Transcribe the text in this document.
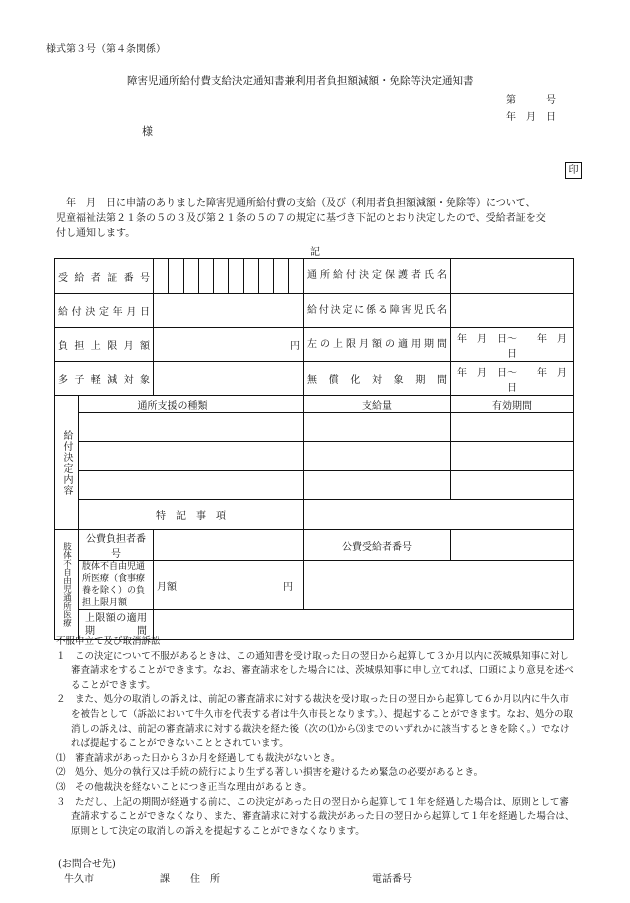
様式第３号（第４条関係）
障害児通所給付費支給決定通知書兼利用者負担額減額・免除等決定通知書
第　　　号
年　月　日
様
印
　年　月　日に申請のありました障害児通所給付費の支給（及び（利用者負担額減額・免除等）について、
児童福祉法第２１条の５の３及び第２１条の５の７の規定に基づき下記のとおり決定したので、受給者証を交
付し通知します。
記
受給者証番号			通所給付決定保護者氏名	
給付決定年月日			給付決定に係る障害児氏名	
負担上限月額		円	左の上限月額の適用期間	年　月　日～　　年　月　日
多子軽減対象			無償化対象期間	年　月　日～　　年　月　日
給付決定内容	通所支援の種類		支給量	有効期間

	特　記　事　項			
肢体不自由児通所医療	公費負担者番号		公費受給者番号	
	肢体不自由児通所医療（食事療養を除く）の負担上限月額	月額 円		

	上限額の適用期間			

不服申立て及び取消訴訟

１　この決定について不服があるときは、この通知書を受け取った日の翌日から起算して３か月以内に茨城県知事に対し審査請求をすることができます。なお、審査請求をした場合には、茨城県知事に申し立てれば、口頭により意見を述べることができます。

２　また、処分の取消しの訴えは、前記の審査請求に対する裁決を受け取った日の翌日から起算して６か月以内に牛久市を被告として（訴訟において牛久市を代表する者は牛久市長となります。）、提起することができます。なお、処分の取消しの訴えは、前記の審査請求に対する裁決を経た後（次の⑴から⑶までのいずれかに該当するときを除く。）でなければ提起することができないこととされています。

⑴　審査請求があった日から３か月を経過しても裁決がないとき。

⑵　処分、処分の執行又は手続の続行により生ずる著しい損害を避けるため緊急の必要があるとき。

⑶　その他裁決を経ないことにつき正当な理由があるとき。

３　ただし、上記の期間が経過する前に、この決定があった日の翌日から起算して１年を経過した場合は、原則として審査請求することができなくなり、また、審査請求に対する裁決があった日の翌日から起算して１年を経過した場合は、原則として決定の取消しの訴えを提起することができなくなります。

(お問合せ先)
牛久市	課　　住　所	電話番号
